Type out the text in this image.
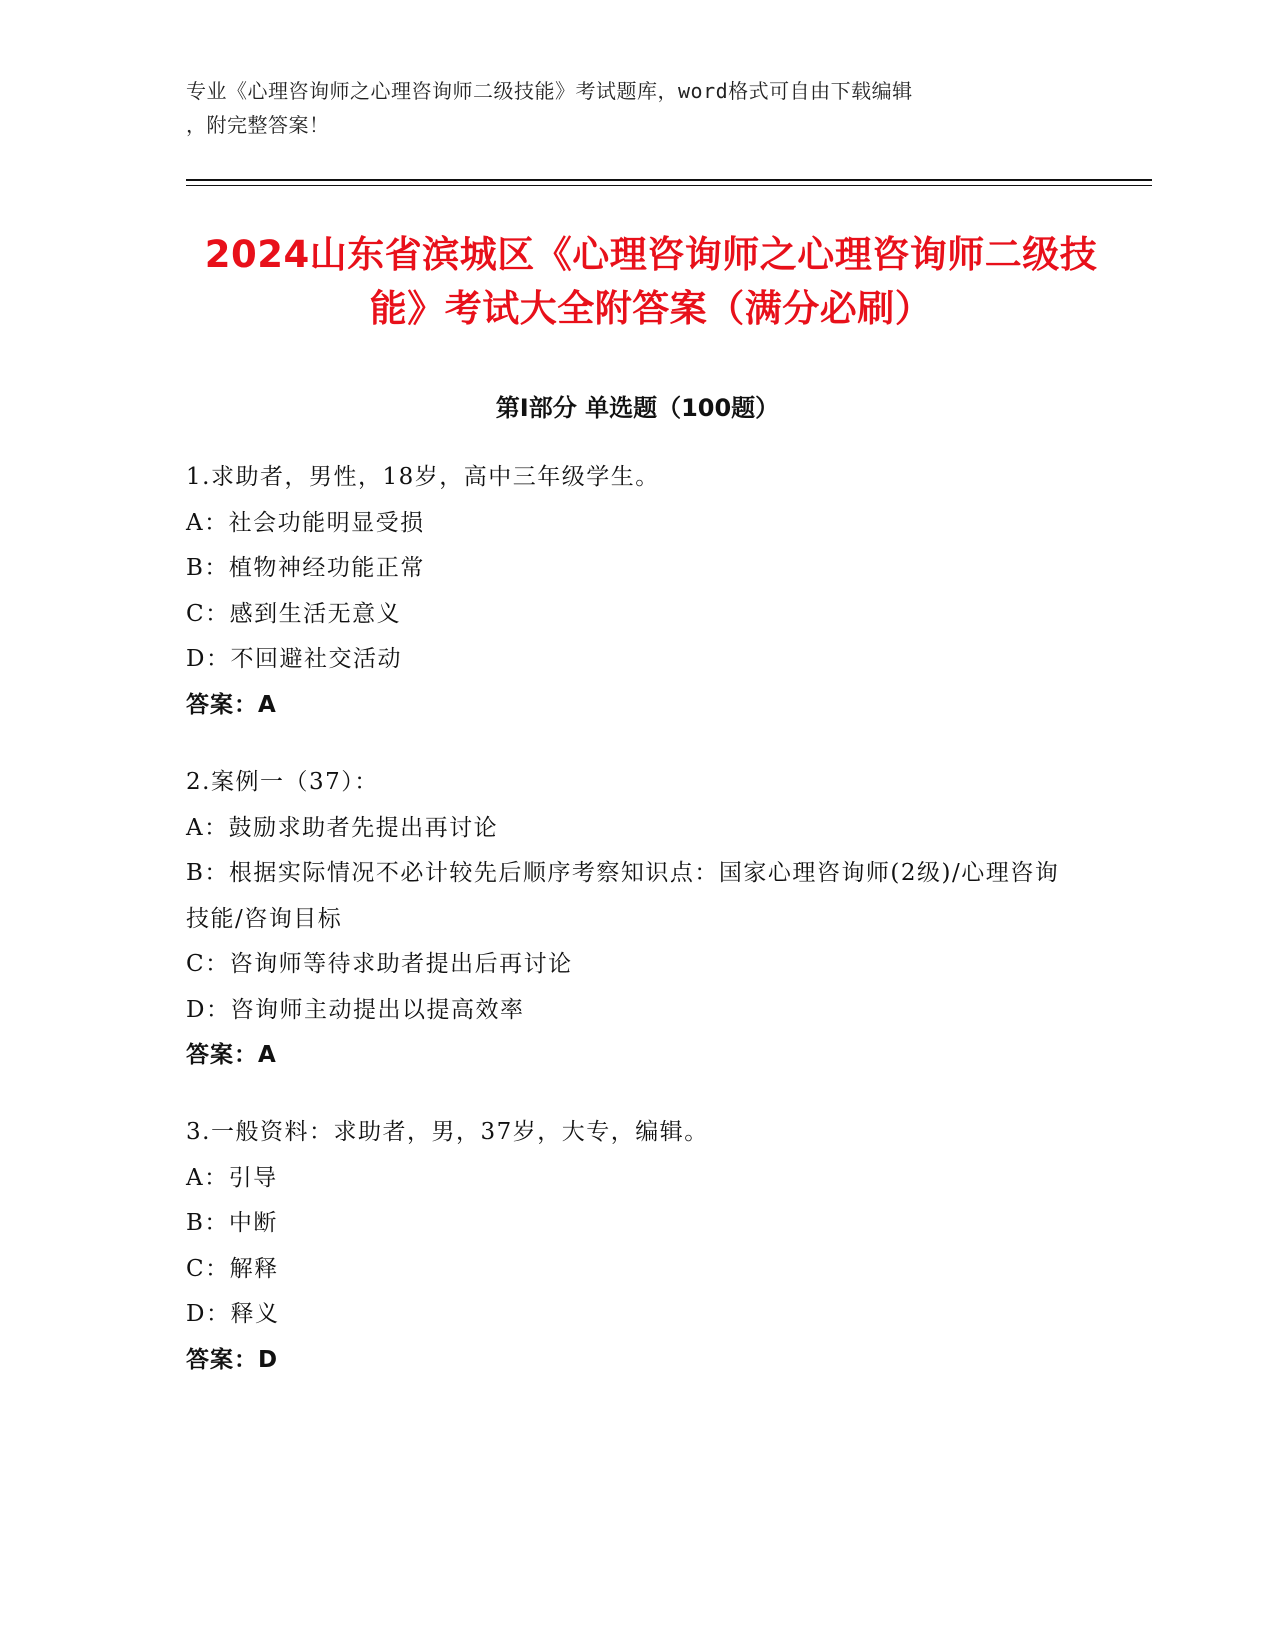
专业《心理咨询师之心理咨询师二级技能》考试题库，word格式可自由下载编辑
，附完整答案！
2024山东省滨城区《心理咨询师之心理咨询师二级技能》考试大全附答案（满分必刷）
第Ⅰ部分 单选题（100题）
1.求助者，男性，18岁，高中三年级学生。
A：社会功能明显受损
B：植物神经功能正常
C：感到生活无意义
D：不回避社交活动
答案：A
2.案例一（37）：
A：鼓励求助者先提出再讨论
B：根据实际情况不必计较先后顺序考察知识点：国家心理咨询师(2级)/心理咨询技能/咨询目标
C：咨询师等待求助者提出后再讨论
D：咨询师主动提出以提高效率
答案：A
3.一般资料：求助者，男，37岁，大专，编辑。
A：引导
B：中断
C：解释
D：释义
答案：D
